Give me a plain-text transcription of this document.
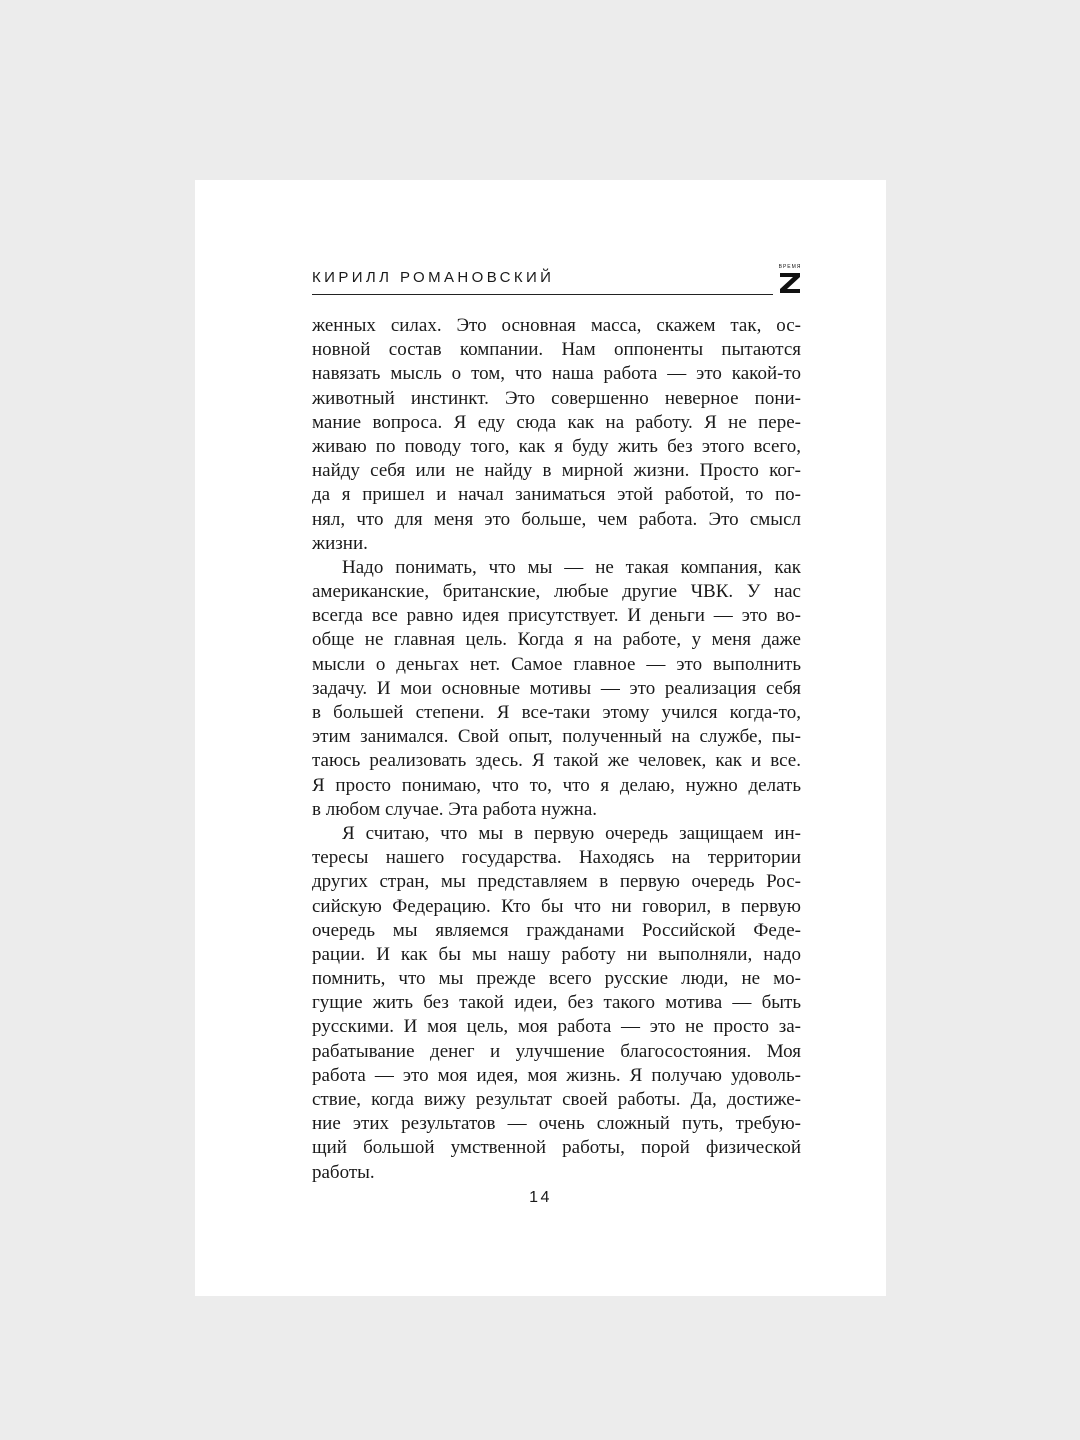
КИРИЛЛ РОМАНОВСКИЙ
ВРЕМЯ
женных силах. Это основная масса, скажем так, ос-
новной состав компании. Нам оппоненты пытаются
навязать мысль о том, что наша работа — это какой-то
животный инстинкт. Это совершенно неверное пони-
мание вопроса. Я еду сюда как на работу. Я не пере-
живаю по поводу того, как я буду жить без этого всего,
найду себя или не найду в мирной жизни. Просто ког-
да я пришел и начал заниматься этой работой, то по-
нял, что для меня это больше, чем работа. Это смысл
жизни.
Надо понимать, что мы — не такая компания, как
американские, британские, любые другие ЧВК. У нас
всегда все равно идея присутствует. И деньги — это во-
обще не главная цель. Когда я на работе, у меня даже
мысли о деньгах нет. Самое главное — это выполнить
задачу. И мои основные мотивы — это реализация себя
в большей степени. Я все-таки этому учился когда-то,
этим занимался. Свой опыт, полученный на службе, пы-
таюсь реализовать здесь. Я такой же человек, как и все.
Я просто понимаю, что то, что я делаю, нужно делать
в любом случае. Эта работа нужна.
Я считаю, что мы в первую очередь защищаем ин-
тересы нашего государства. Находясь на территории
других стран, мы представляем в первую очередь Рос-
сийскую Федерацию. Кто бы что ни говорил, в первую
очередь мы являемся гражданами Российской Феде-
рации. И как бы мы нашу работу ни выполняли, надо
помнить, что мы прежде всего русские люди, не мо-
гущие жить без такой идеи, без такого мотива — быть
русскими. И моя цель, моя работа — это не просто за-
рабатывание денег и улучшение благосостояния. Моя
работа — это моя идея, моя жизнь. Я получаю удоволь-
ствие, когда вижу результат своей работы. Да, достиже-
ние этих результатов — очень сложный путь, требую-
щий большой умственной работы, порой физической
работы.
14
